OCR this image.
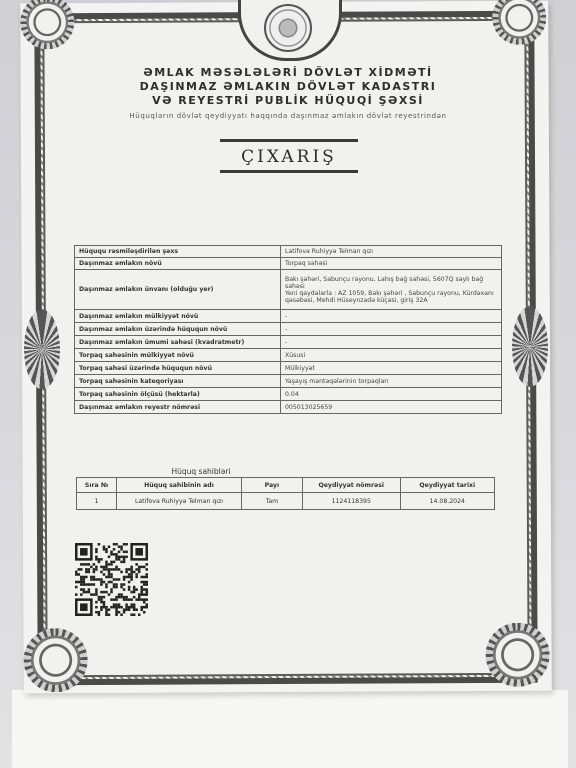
ƏMLAK MƏSƏLƏLƏRİ DÖVLƏT XİDMƏTİ
DAŞINMAZ ƏMLAKIN DÖVLƏT KADASTRI
VƏ REYESTRİ PUBLİK HÜQUQİ ŞƏXSİ
Hüquqların dövlət qeydiyyatı haqqında daşınmaz əmlakın dövlət reyestrindən
ÇIXARIŞ
Hüququ rəsmiləşdirilən şəxs	Latifova Ruhiyyə Telman qızı

Daşınmaz əmlakın növü	Torpaq sahəsi

Daşınmaz əmlakın ünvanı (olduğu yer)	Bakı şəhəri, Sabunçu rayonu, Lahış bağ sahəsi, 5607Q saylı bağ sahəsi
Yeni qaydalarla : AZ 1059, Bakı şəhəri , Sabunçu rayonu, Kürdəxanı qəsəbəsi, Mehdi Hüseynzadə küçəsi, giriş 32A

Daşınmaz əmlakın mülkiyyət növü	-

Daşınmaz əmlakın üzərində hüququn növü	-

Daşınmaz əmlakın ümumi sahəsi (kvadratmetr)	-

Torpaq sahəsinin mülkiyyət növü	Xüsusi

Torpaq sahəsi üzərində hüququn növü	Mülkiyyət

Torpaq sahəsinin kateqoriyası	Yaşayış məntəqələrinin torpaqları

Torpaq sahəsinin ölçüsü (hektarla)	0.04

Daşınmaz əmlakın reyestr nömrəsi	005013025659
Hüquq sahibləri
Sıra №	Hüquq sahibinin adı	Payı	Qeydiyyat nömrəsi	Qeydiyyat tarixi
1	Latifova Ruhiyyə Telman qızı	Tam	1124118395	14.08.2024
